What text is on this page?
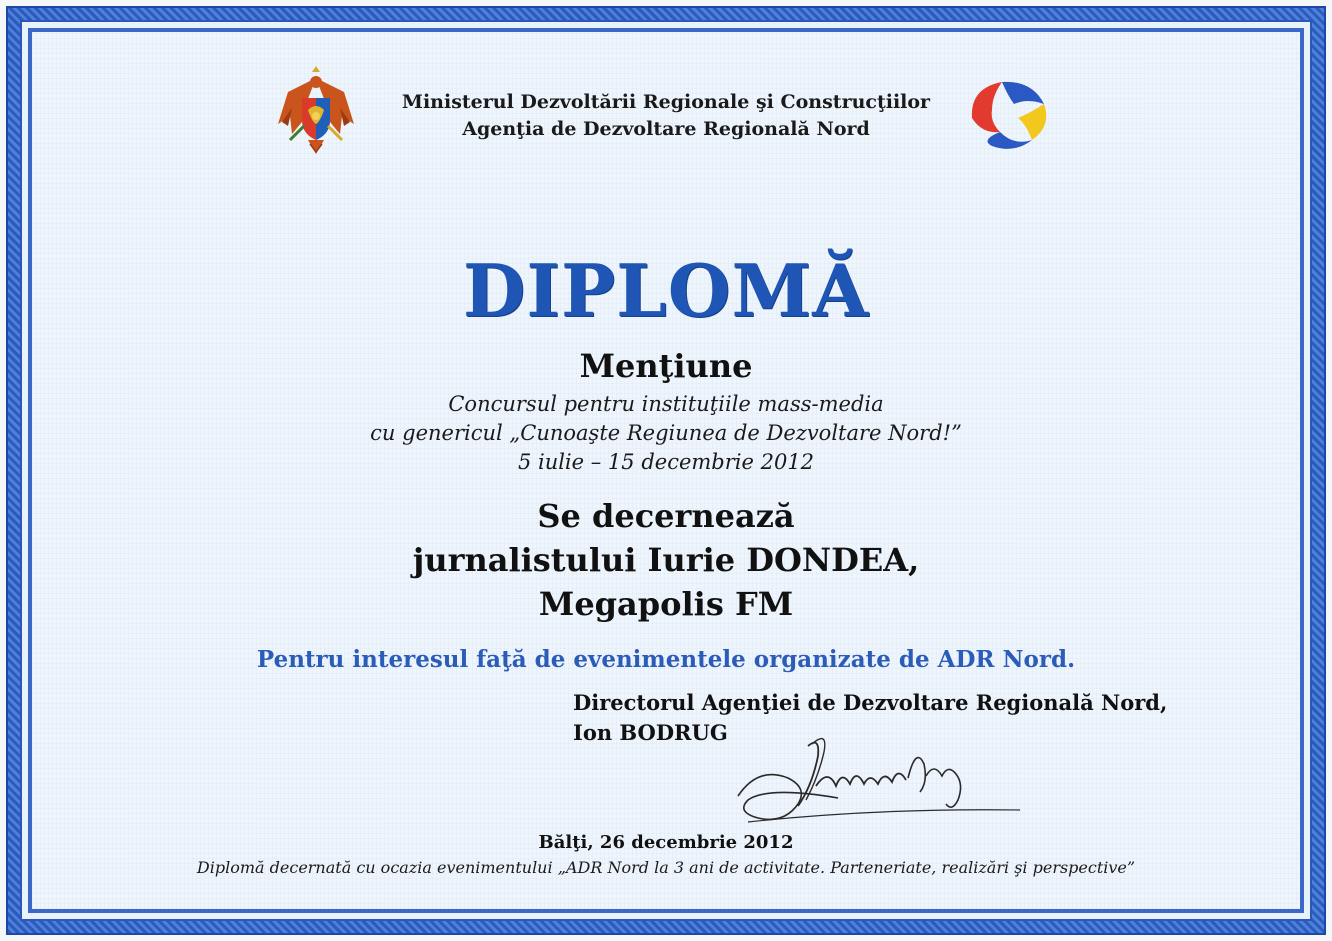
Ministerul Dezvoltării Regionale şi Construcţiilor
Agenţia de Dezvoltare Regională Nord
DIPLOMĂ
Menţiune
Concursul pentru instituţiile mass-media
cu genericul „Cunoaşte Regiunea de Dezvoltare Nord!”
5 iulie – 15 decembrie 2012
Se decernează
jurnalistului Iurie DONDEA,
Megapolis FM
Pentru interesul faţă de evenimentele organizate de ADR Nord.
Directorul Agenţiei de Dezvoltare Regională Nord,
Ion BODRUG
Bălţi, 26 decembrie 2012
Diplomă decernată cu ocazia evenimentului „ADR Nord la 3 ani de activitate. Parteneriate, realizări şi perspective”
